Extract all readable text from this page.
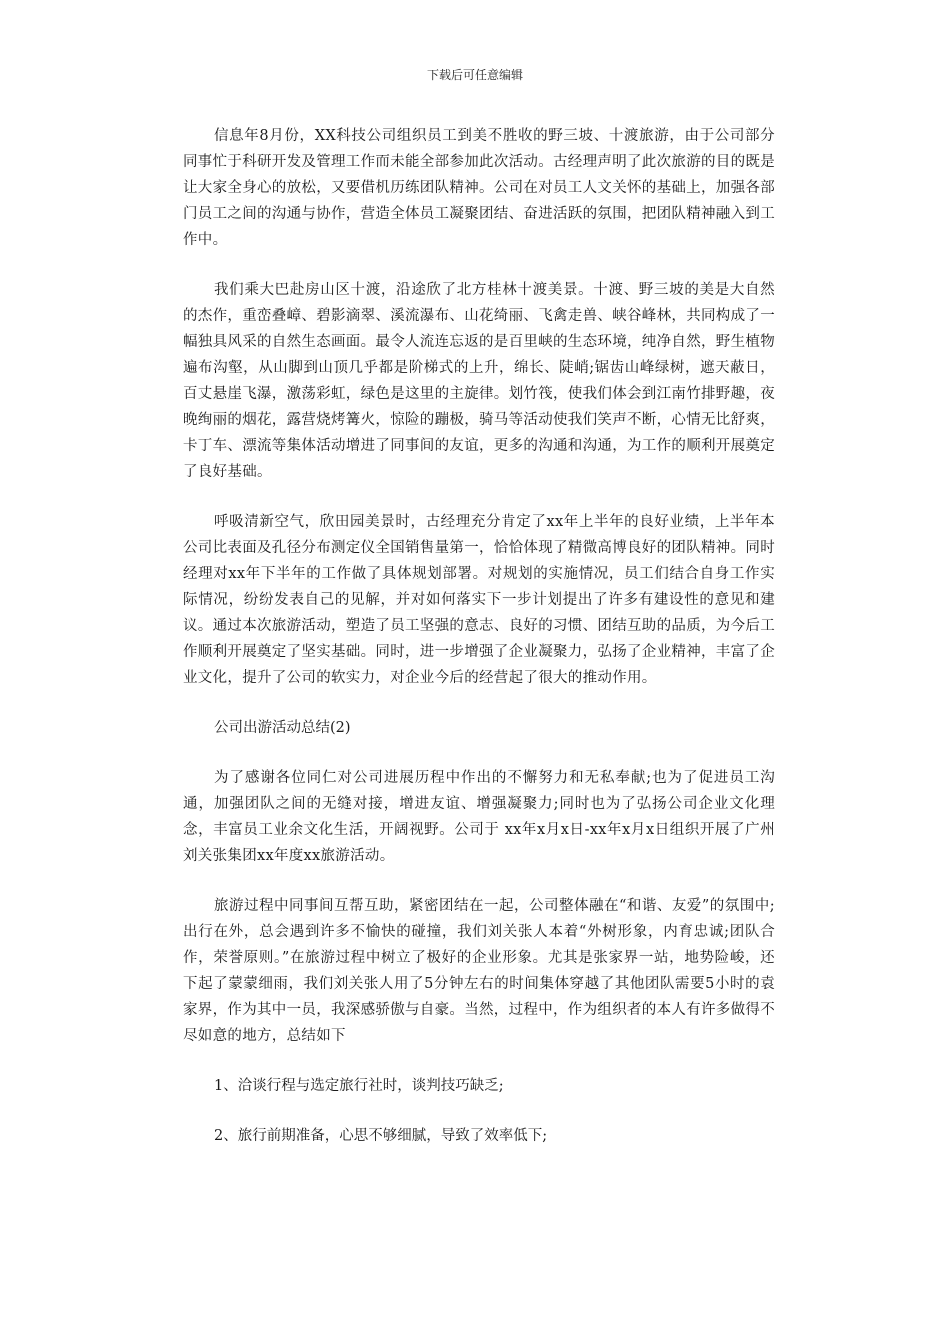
下载后可任意编辑

信息年8月份，XX科技公司组织员工到美不胜收的野三坡、十渡旅游，由于公司部分同事忙于科研开发及管理工作而未能全部参加此次活动。古经理声明了此次旅游的目的既是让大家全身心的放松，又要借机历练团队精神。公司在对员工人文关怀的基础上，加强各部门员工之间的沟通与协作，营造全体员工凝聚团结、奋进活跃的氛围，把团队精神融入到工作中。

我们乘大巴赴房山区十渡，沿途欣了北方桂林十渡美景。十渡、野三坡的美是大自然的杰作，重峦叠嶂、碧影滴翠、溪流瀑布、山花绮丽、飞禽走兽、峡谷峰林，共同构成了一幅独具风采的自然生态画面。最令人流连忘返的是百里峡的生态环境，纯净自然，野生植物遍布沟壑，从山脚到山顶几乎都是阶梯式的上升，绵长、陡峭;锯齿山峰绿树，遮天蔽日，百丈悬崖飞瀑，激荡彩虹，绿色是这里的主旋律。划竹筏，使我们体会到江南竹排野趣，夜晚绚丽的烟花，露营烧烤篝火，惊险的蹦极，骑马等活动使我们笑声不断，心情无比舒爽，卡丁车、漂流等集体活动增进了同事间的友谊，更多的沟通和沟通，为工作的顺利开展奠定了良好基础。

呼吸清新空气，欣田园美景时，古经理充分肯定了xx年上半年的良好业绩，上半年本公司比表面及孔径分布测定仪全国销售量第一，恰恰体现了精微高博良好的团队精神。同时经理对xx年下半年的工作做了具体规划部署。对规划的实施情况，员工们结合自身工作实际情况，纷纷发表自己的见解，并对如何落实下一步计划提出了许多有建设性的意见和建议。通过本次旅游活动，塑造了员工坚强的意志、良好的习惯、团结互助的品质，为今后工作顺利开展奠定了坚实基础。同时，进一步增强了企业凝聚力，弘扬了企业精神，丰富了企业文化，提升了公司的软实力，对企业今后的经营起了很大的推动作用。

公司出游活动总结(2)

为了感谢各位同仁对公司进展历程中作出的不懈努力和无私奉献;也为了促进员工沟通，加强团队之间的无缝对接，增进友谊、增强凝聚力;同时也为了弘扬公司企业文化理念，丰富员工业余文化生活，开阔视野。公司于 xx年x月x日-xx年x月x日组织开展了广州刘关张集团xx年度xx旅游活动。

旅游过程中同事间互帮互助，紧密团结在一起，公司整体融在“和谐、友爱”的氛围中;出行在外，总会遇到许多不愉快的碰撞，我们刘关张人本着“外树形象，内育忠诚;团队合作，荣誉原则。”在旅游过程中树立了极好的企业形象。尤其是张家界一站，地势险峻，还下起了蒙蒙细雨，我们刘关张人用了5分钟左右的时间集体穿越了其他团队需要5小时的袁家界，作为其中一员，我深感骄傲与自豪。当然，过程中，作为组织者的本人有许多做得不尽如意的地方，总结如下

1、洽谈行程与选定旅行社时，谈判技巧缺乏;

2、旅行前期准备，心思不够细腻，导致了效率低下;
